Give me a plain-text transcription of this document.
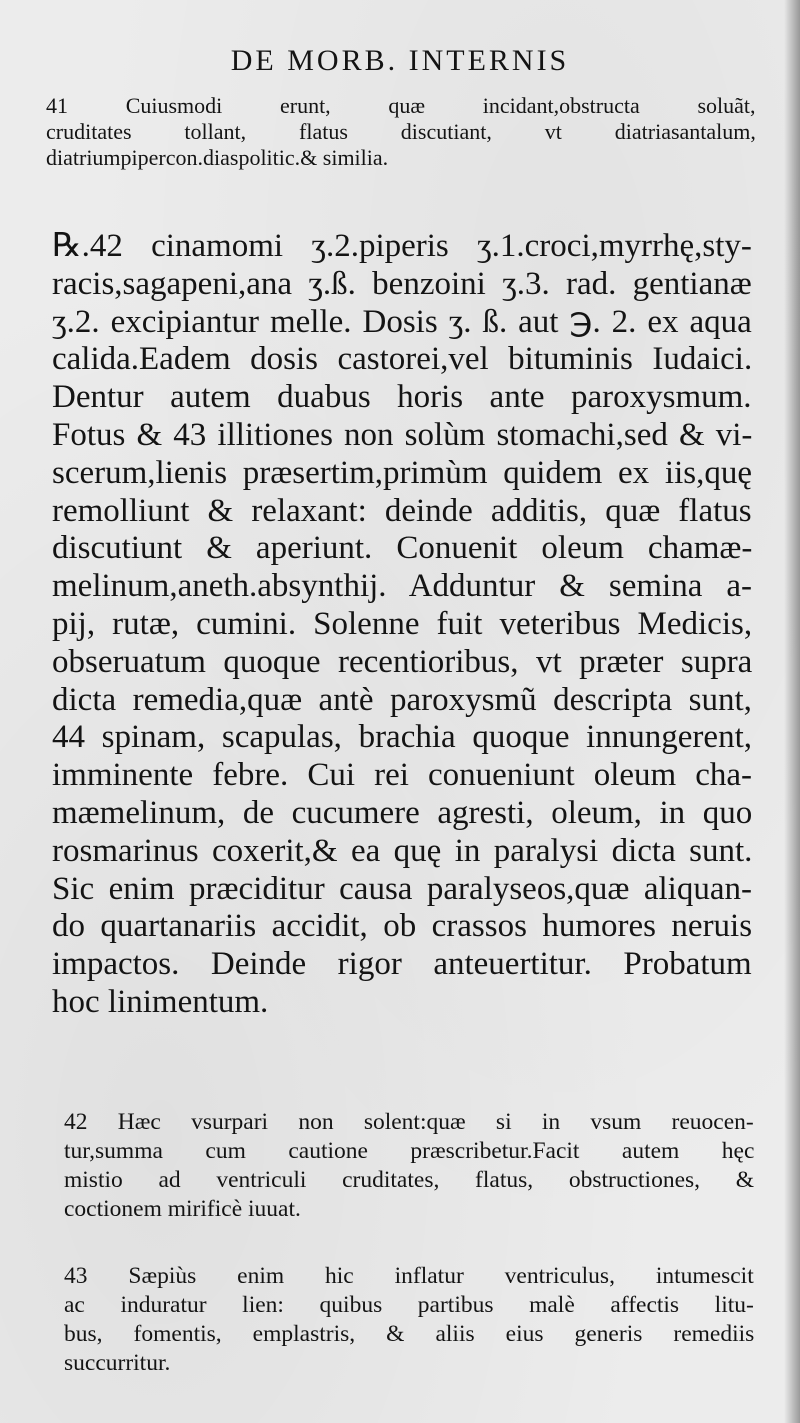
DE MORB. INTERNIS
41 Cuiusmodi erunt, quæ incidant,obstructa soluãt,
cruditates tollant, flatus discutiant, vt diatriasantalum,
diatriumpipercon.diaspolitic.& similia.
℞.42 cinamomi ʒ.2.piperis ʒ.1.croci,myrrhę,sty-
racis,sagapeni,ana ʒ.ß. benzoini ʒ.3. rad. gentianæ
ʒ.2. excipiantur melle. Dosis ʒ. ß. aut ℈. 2. ex aqua
calida.Eadem dosis castorei,vel bituminis Iudaici.
Dentur autem duabus horis ante paroxysmum.
Fotus & 43 illitiones non solùm stomachi,sed & vi-
scerum,lienis præsertim,primùm quidem ex iis,quę
remolliunt & relaxant: deinde additis, quæ flatus
discutiunt & aperiunt. Conuenit oleum chamæ-
melinum,aneth.absynthij. Adduntur & semina a-
pij, rutæ, cumini. Solenne fuit veteribus Medicis,
obseruatum quoque recentioribus, vt præter supra
dicta remedia,quæ antè paroxysmũ descripta sunt,
44 spinam, scapulas, brachia quoque innungerent,
imminente febre. Cui rei conueniunt oleum cha-
mæmelinum, de cucumere agresti, oleum, in quo
rosmarinus coxerit,& ea quę in paralysi dicta sunt.
Sic enim præciditur causa paralyseos,quæ aliquan-
do quartanariis accidit, ob crassos humores neruis
impactos. Deinde rigor anteuertitur. Probatum
hoc linimentum.
42 Hæc vsurpari non solent:quæ si in vsum reuocen-
tur,summa cum cautione præscribetur.Facit autem hęc
mistio ad ventriculi cruditates, flatus, obstructiones, &
coctionem mirificè iuuat.
43 Sæpiùs enim hic inflatur ventriculus, intumescit
ac induratur lien: quibus partibus malè affectis litu-
bus, fomentis, emplastris, & aliis eius generis remediis
succurritur.
